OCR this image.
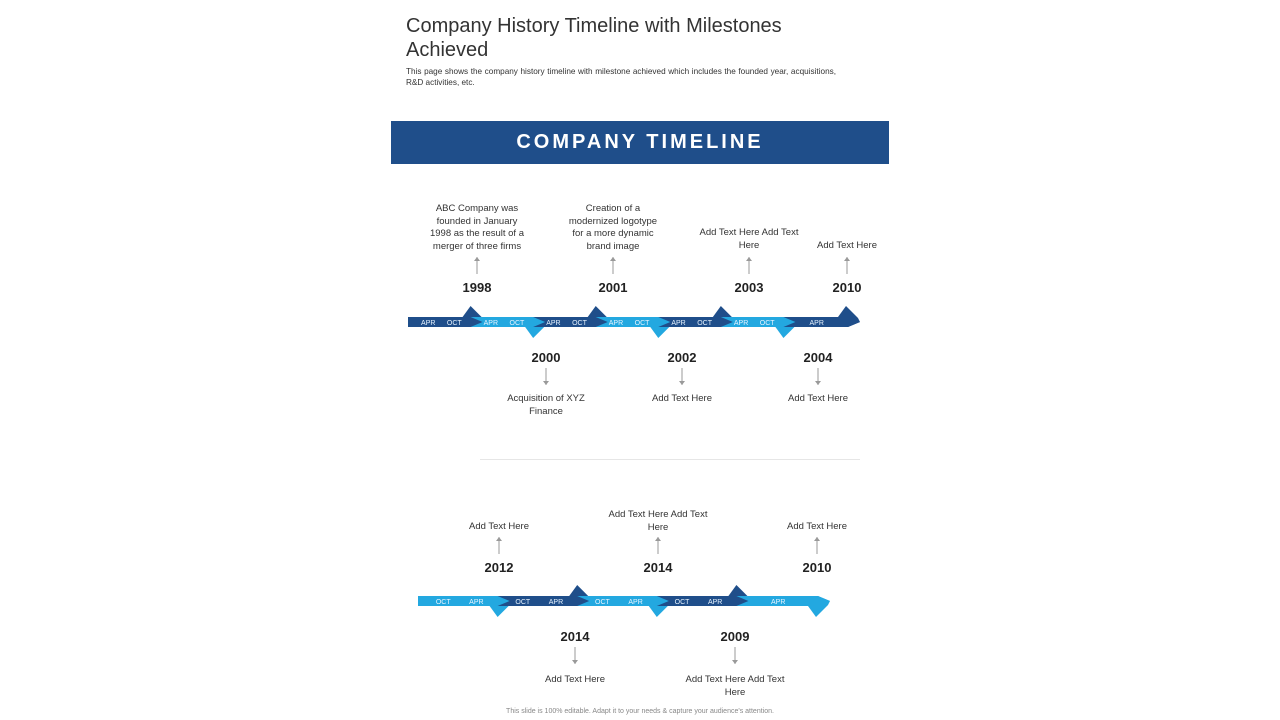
Company History Timeline with Milestones Achieved

This page shows the company history timeline with milestone achieved which includes the founded year, acquisitions, R&D activities, etc.

COMPANY TIMELINE
APR OCT	APR OCT	APR OCT	APR OCT	APR OCT	APR OCT	APR
OCT	APR	OCT	APR	OCT	APR	OCT	APR	APR
ABC Company was founded in January 1998 as the result of a merger of three firms
1998
Creation of a modernized logotype for a more dynamic brand image
2001
Add Text Here Add Text Here
2003
Add Text Here
2010
2000
Acquisition of XYZ Finance
2002
Add Text Here
2004
Add Text Here
Add Text Here
2012
Add Text Here Add Text Here
2014
Add Text Here
2010
2014
Add Text Here
2009
Add Text Here Add Text Here
This slide is 100% editable. Adapt it to your needs & capture your audience's attention.
